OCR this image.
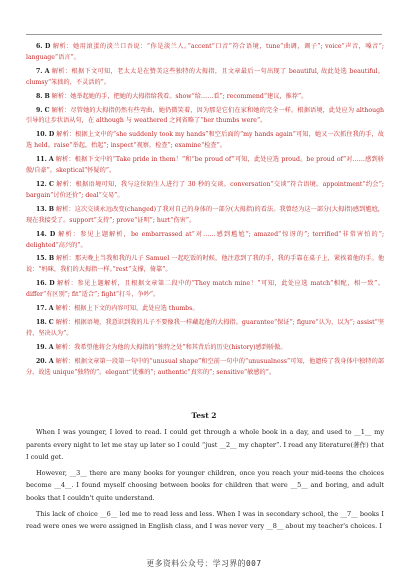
6. D 解析：她用滚蛋的淡兰口吾说：“你是淡兰人。”accent“口音”符合语境，tune“曲调，调子”; voice“声音，嗓音”; language“语言”。

7. A 解析：根据下文可知，老太太是在赞美这些独特的大拇指，且文章最后一句出现了 beautiful, 故此处选 beautiful。clumsy“笨拙的，不灵活的”。

8. B 解析：她举起她的手，把她的大拇指给我看。show“给……看”; recommend“建议，推荐”。

9. C 解析：尽管她的大拇指仍然有些弯曲，她仍微笑着，因为那是它们在家和她的完全一样。根据语境，此处应为 although 引导的让步状语从句，在 although 与 weathered 之间省略了“her thumbs were”。

10. D 解析：根据上文中的“she suddenly took my hands”和空后面的“my hands again”可知，她又一次抓住我的手，故选 held。raise“举起，抬起”; inspect“视察，检查”; examine“检查”。

11. A 解析：根据下文中的“Take pride in them！”和“be proud of”可知，此处应选 proud。be proud of“对……感到骄傲/自豪”。skeptical“怀疑的”。

12. C 解析：根据语境可知，我与这位陌生人进行了 30 秒的交谈。conversation“交谈”符合语境。appointment“约会”; bargain“讨价还价”; deal“交易”。

13. B 解析：这次交谈永远改变(changed)了我对自己的身体的一部分(大拇指)的看法。我曾经为这一部分(大拇指)感到尴尬，现在我接受了。support“支持”; prove“证明”; hurt“伤害”。

14. D 解析：参见上题解析，be embarrassed at“对……感到尴尬”; amazed“惊讶的”; terrified“非常害怕的”; delighted“高兴的”。

15. B 解析：那天晚上当我和我的儿子 Samuel 一起吃饭的时候，他注意到了我的手，我的手靠在桌子上，紧挨着他的手。他说：“妈咪，我们的大拇指一样。”rest“支撑，倚靠”。

16. D 解析：参见上题解析，且根据文章第二段中的“They match mine！”可知，此处应选 match“相配，相一致”。differ“有区别”; fit“适合”; fight“打斗，争吵”。

17. A 解析：根据上下文的内容可知，此处应选 thumbs。

18. C 解析：根据语境，我意识到我的儿子不要像我一样藏起他的大拇指。guarantee“保证”; figure“认为，以为”; assist“坚持，坚决认为”。

19. A 解析：我希望他将会为他的大拇指的“独特之处”和其背后的历史(history)感到骄傲。

20. A 解析：根据文章第一段第一句中的“unusual shape”和空前一句中的“unusualness”可知，他遗传了我身体中独特的部分，故选 unique“独特的”。elegant“优雅的”; authentic“真实的”; sensitive“敏感的”。

Test 2

When I was younger, I loved to read. I could get through a whole book in a day, and used to __1__ my parents every night to let me stay up later so I could “just __2__ my chapter”. I read any literature(著作) that I could get.

However, __3__ there are many books for younger children, once you reach your mid-teens the choices become __4__. I found myself choosing between books for children that were __5__ and boring, and adult books that I couldn't quite understand.

This lack of choice __6__ led me to read less and less. When I was in secondary school, the __7__ books I read were ones we were assigned in English class, and I was never very __8__ about my teacher's choices. I

更多资料公众号：学习界的007
